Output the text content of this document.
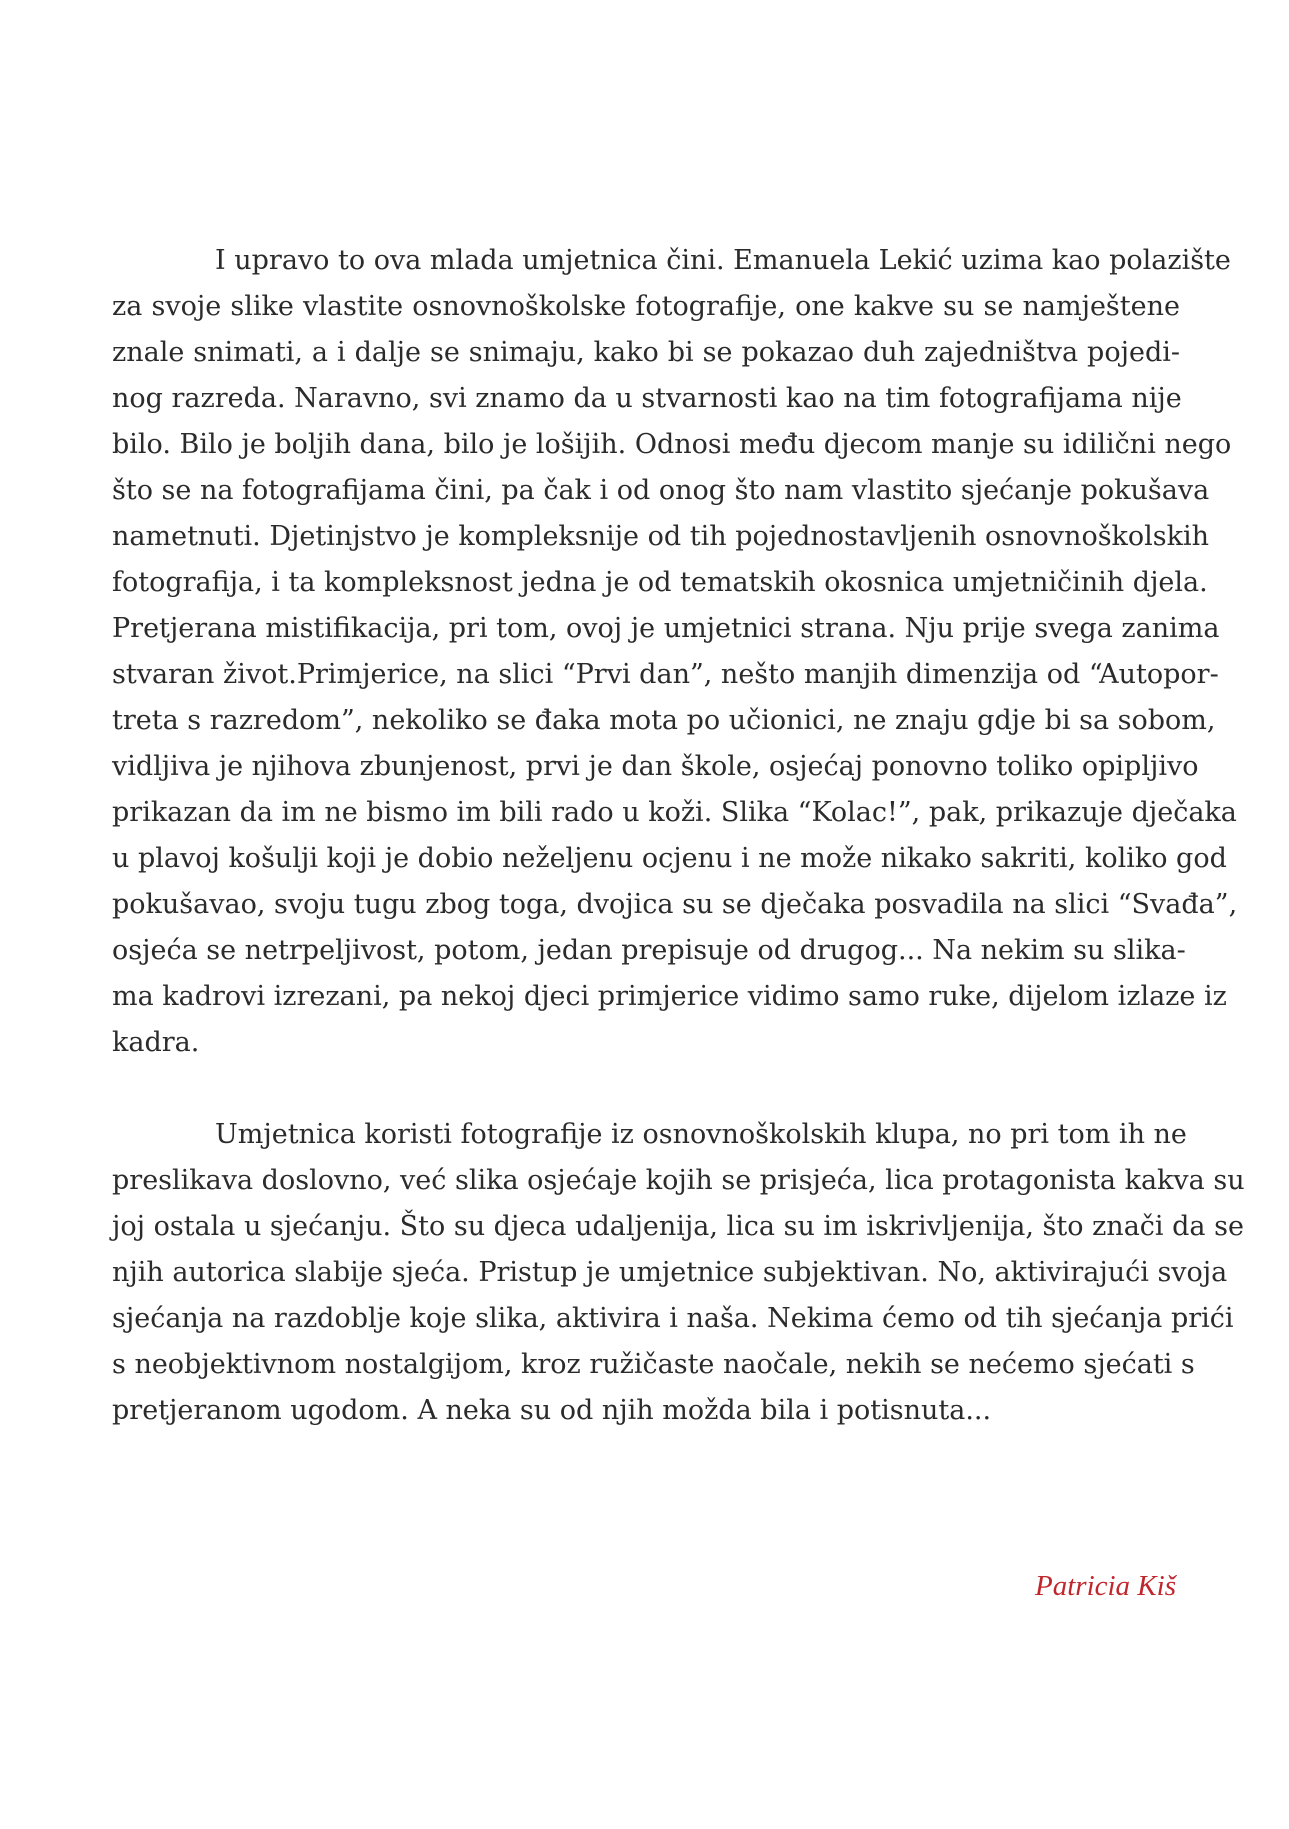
I upravo to ova mlada umjetnica čini. Emanuela Lekić uzima kao polazište
za svoje slike vlastite osnovnoškolske fotografije, one kakve su se namještene
znale snimati, a i dalje se snimaju, kako bi se pokazao duh zajedništva pojedi-
nog razreda. Naravno, svi znamo da u stvarnosti kao na tim fotografijama nije
bilo. Bilo je boljih dana, bilo je lošijih. Odnosi među djecom manje su idilični nego
što se na fotografijama čini, pa čak i od onog što nam vlastito sjećanje pokušava
nametnuti. Djetinjstvo je kompleksnije od tih pojednostavljenih osnovnoškolskih
fotografija, i ta kompleksnost jedna je od tematskih okosnica umjetničinih djela.
Pretjerana mistifikacija, pri tom, ovoj je umjetnici strana. Nju prije svega zanima
stvaran život.Primjerice, na slici “Prvi dan”, nešto manjih dimenzija od “Autopor-
treta s razredom”, nekoliko se đaka mota po učionici, ne znaju gdje bi sa sobom,
vidljiva je njihova zbunjenost, prvi je dan škole, osjećaj ponovno toliko opipljivo
prikazan da im ne bismo im bili rado u koži. Slika “Kolac!”, pak, prikazuje dječaka
u plavoj košulji koji je dobio neželjenu ocjenu i ne može nikako sakriti, koliko god
pokušavao, svoju tugu zbog toga, dvojica su se dječaka posvadila na slici “Svađa”,
osjeća se netrpeljivost, potom, jedan prepisuje od drugog... Na nekim su slika-
ma kadrovi izrezani, pa nekoj djeci primjerice vidimo samo ruke, dijelom izlaze iz
kadra.
Umjetnica koristi fotografije iz osnovnoškolskih klupa, no pri tom ih ne
preslikava doslovno, već slika osjećaje kojih se prisjeća, lica protagonista kakva su
joj ostala u sjećanju. Što su djeca udaljenija, lica su im iskrivljenija, što znači da se
njih autorica slabije sjeća. Pristup je umjetnice subjektivan. No, aktivirajući svoja
sjećanja na razdoblje koje slika, aktivira i naša. Nekima ćemo od tih sjećanja prići
s neobjektivnom nostalgijom, kroz ružičaste naočale, nekih se nećemo sjećati s
pretjeranom ugodom. A neka su od njih možda bila i potisnuta...
Patricia Kiš
